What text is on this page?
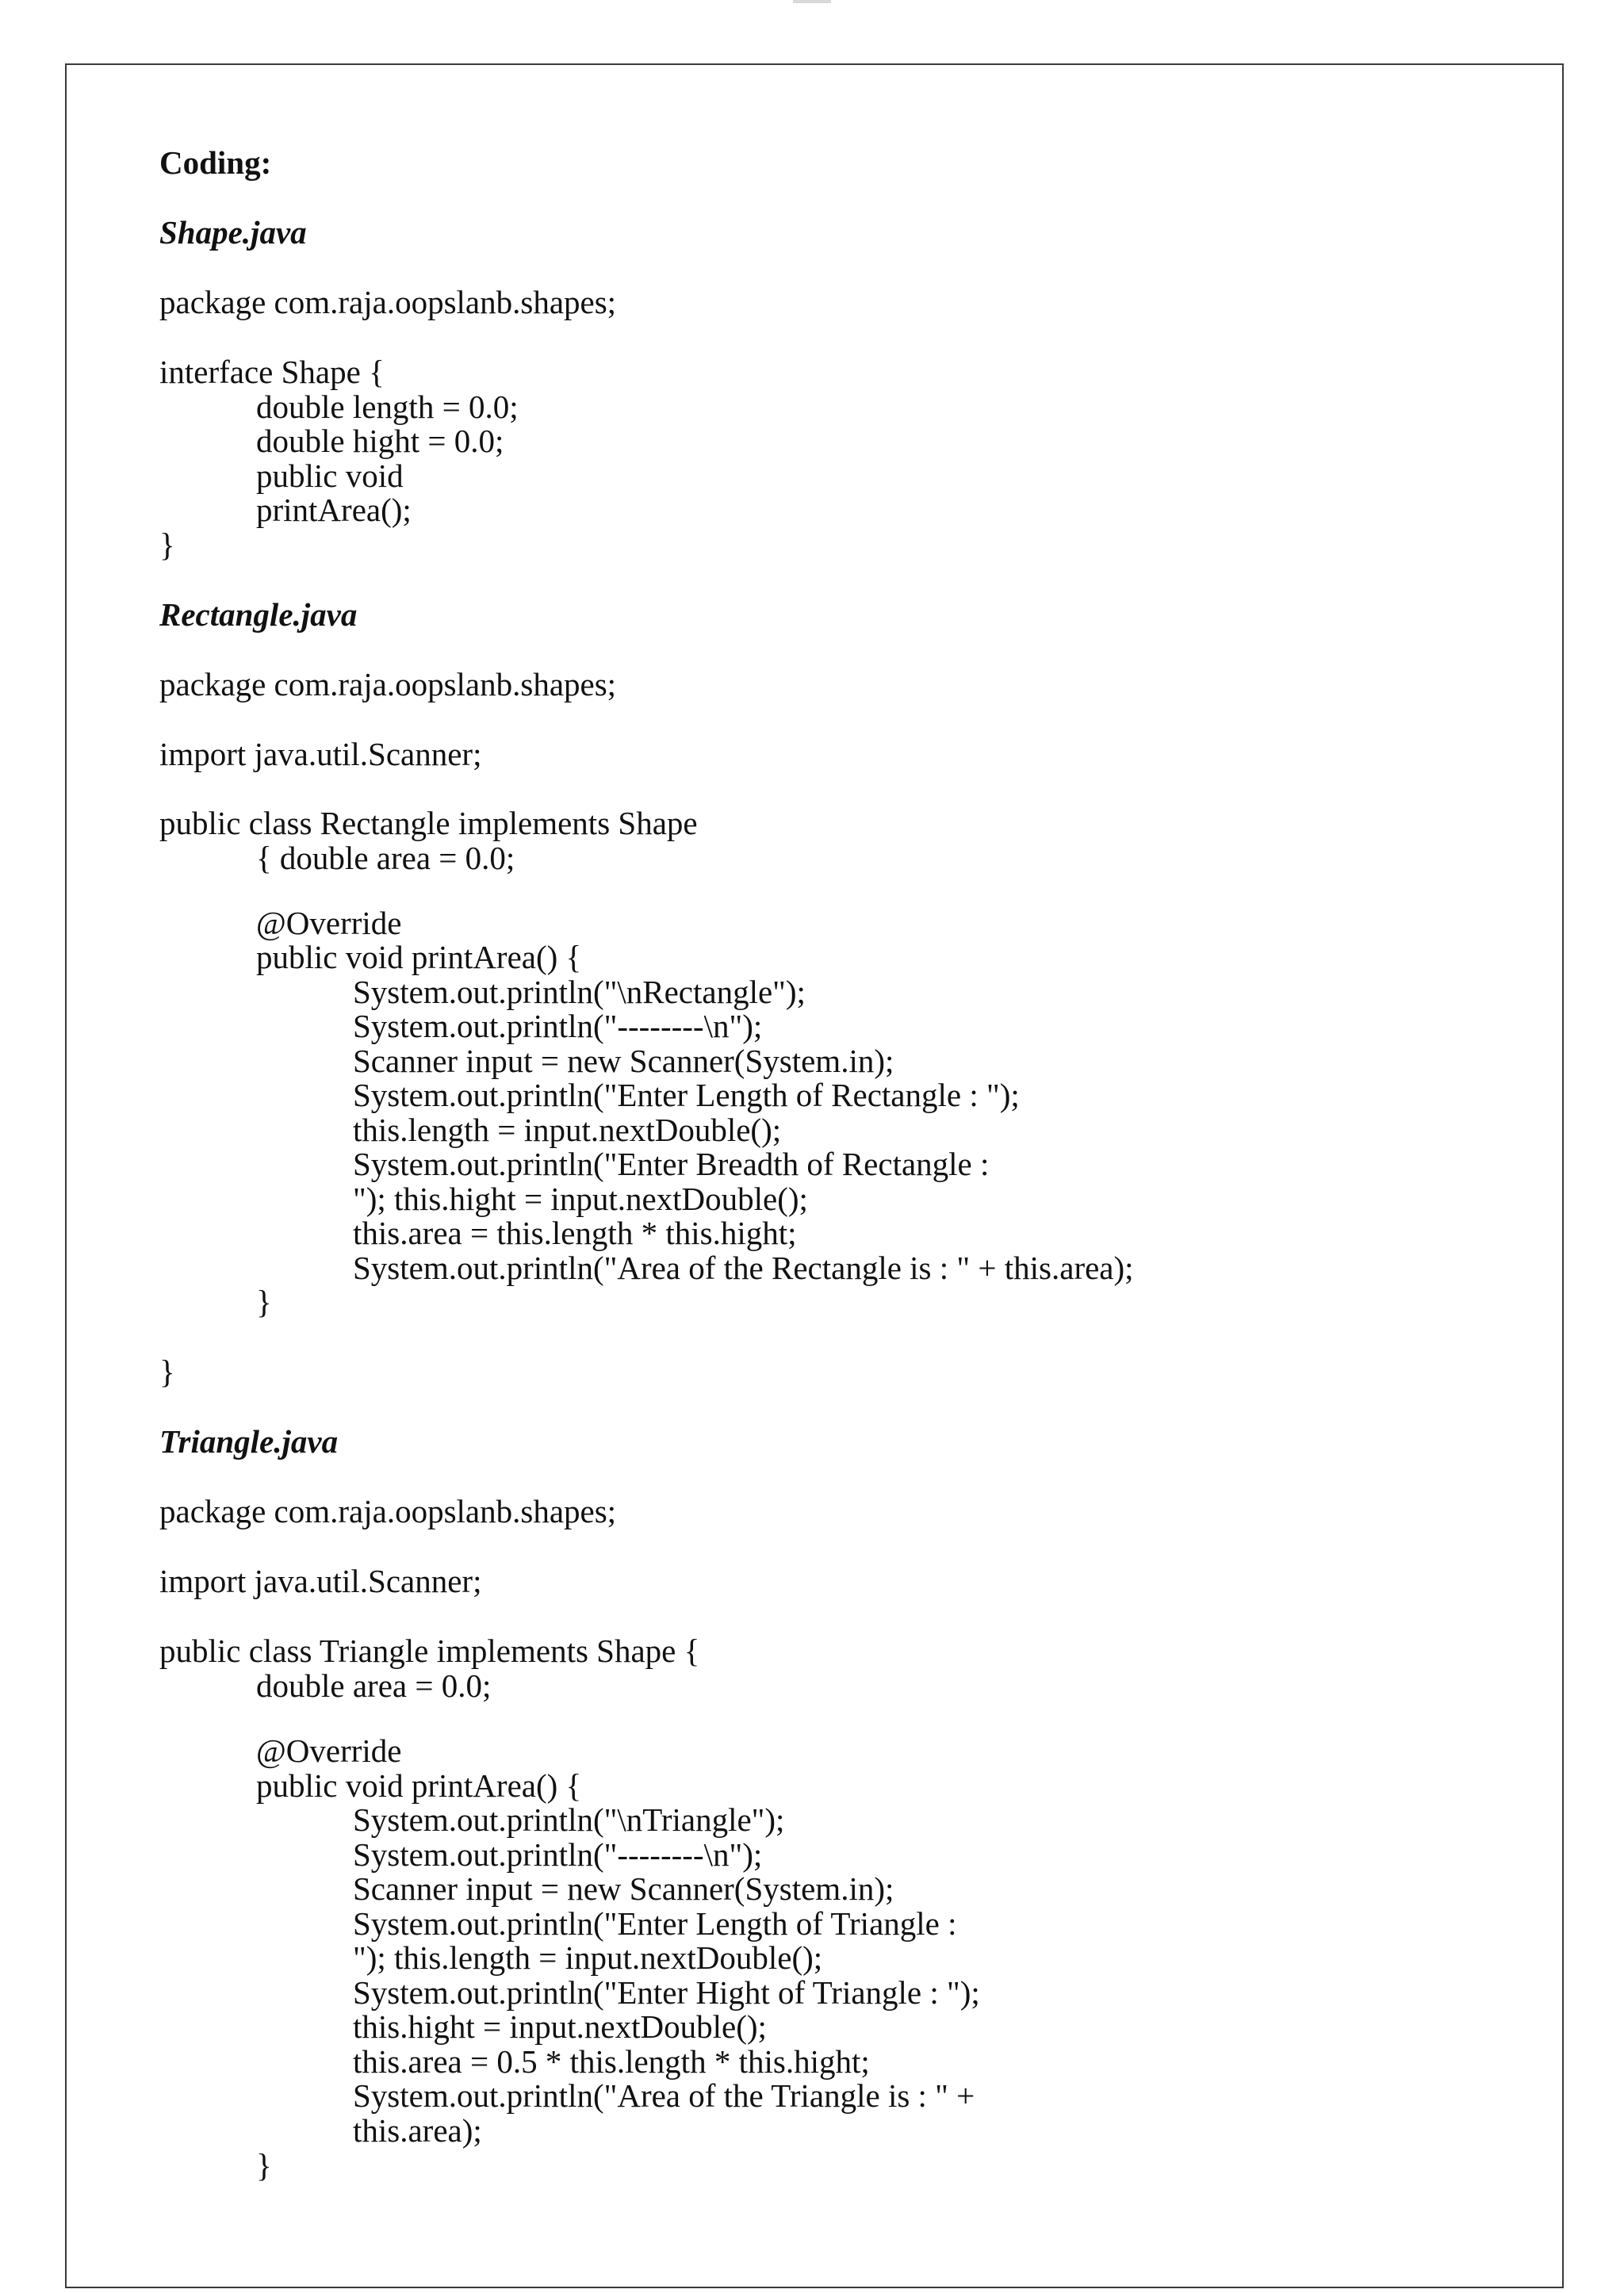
Coding:
Shape.java
package com.raja.oopslanb.shapes;
interface Shape {
double length = 0.0;
double hight = 0.0;
public void
printArea();
}
Rectangle.java
package com.raja.oopslanb.shapes;
import java.util.Scanner;
public class Rectangle implements Shape
{ double area = 0.0;
@Override
public void printArea() {
System.out.println("\nRectangle");
System.out.println("--------\n");
Scanner input = new Scanner(System.in);
System.out.println("Enter Length of Rectangle : ");
this.length = input.nextDouble();
System.out.println("Enter Breadth of Rectangle :
"); this.hight = input.nextDouble();
this.area = this.length * this.hight;
System.out.println("Area of the Rectangle is : " + this.area);
}
}
Triangle.java
package com.raja.oopslanb.shapes;
import java.util.Scanner;
public class Triangle implements Shape {
double area = 0.0;
@Override
public void printArea() {
System.out.println("\nTriangle");
System.out.println("--------\n");
Scanner input = new Scanner(System.in);
System.out.println("Enter Length of Triangle :
"); this.length = input.nextDouble();
System.out.println("Enter Hight of Triangle : ");
this.hight = input.nextDouble();
this.area = 0.5 * this.length * this.hight;
System.out.println("Area of the Triangle is : " +
this.area);
}
